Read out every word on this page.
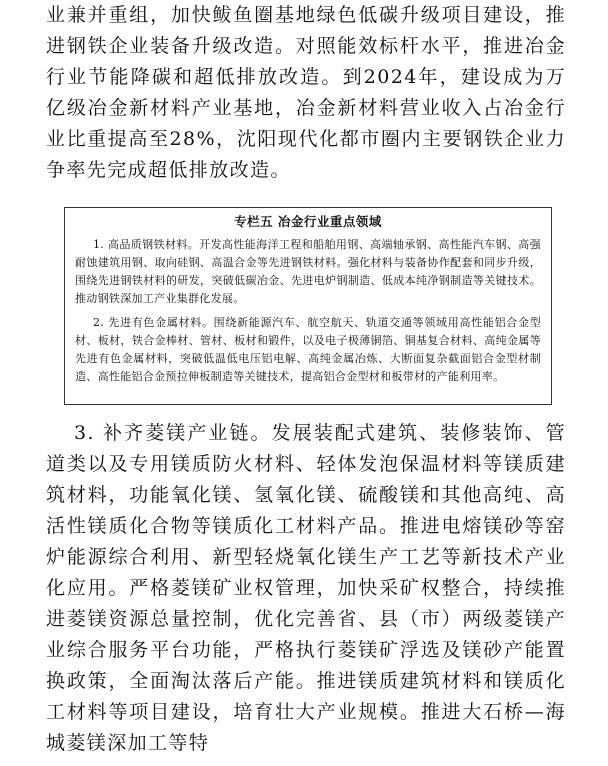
业兼并重组，加快鲅鱼圈基地绿色低碳升级项目建设，推进钢铁企业装备升级改造。对照能效标杆水平，推进冶金行业节能降碳和超低排放改造。到2024年，建设成为万亿级冶金新材料产业基地，冶金新材料营业收入占冶金行业比重提高至28%，沈阳现代化都市圈内主要钢铁企业力争率先完成超低排放改造。

专栏五 冶金行业重点领域

1. 高品质钢铁材料。开发高性能海洋工程和船舶用钢、高端轴承钢、高性能汽车钢、高强耐蚀建筑用钢、取向硅钢、高温合金等先进钢铁材料。强化材料与装备协作配套和同步升级，围绕先进钢铁材料的研发，突破低碳冶金、先进电炉钢制造、低成本纯净钢制造等关键技术。推动钢铁深加工产业集群化发展。

2. 先进有色金属材料。围绕新能源汽车、航空航天、轨道交通等领域用高性能铝合金型材、板材，铁合金棒材、管材、板材和锻件，以及电子极薄铜箔、铜基复合材料、高纯金属等先进有色金属材料，突破低温低电压铝电解、高纯金属冶炼、大断面复杂截面铝合金型材制造、高性能铝合金预拉伸板制造等关键技术，提高铝合金型材和板带材的产能利用率。

3. 补齐菱镁产业链。发展装配式建筑、装修装饰、管道类以及专用镁质防火材料、轻体发泡保温材料等镁质建筑材料，功能氧化镁、氢氧化镁、硫酸镁和其他高纯、高活性镁质化合物等镁质化工材料产品。推进电熔镁砂等窑炉能源综合利用、新型轻烧氧化镁生产工艺等新技术产业化应用。严格菱镁矿业权管理，加快采矿权整合，持续推进菱镁资源总量控制，优化完善省、县（市）两级菱镁产业综合服务平台功能，严格执行菱镁矿浮选及镁砂产能置换政策，全面淘汰落后产能。推进镁质建筑材料和镁质化工材料等项目建设，培育壮大产业规模。推进大石桥—海城菱镁深加工等特
